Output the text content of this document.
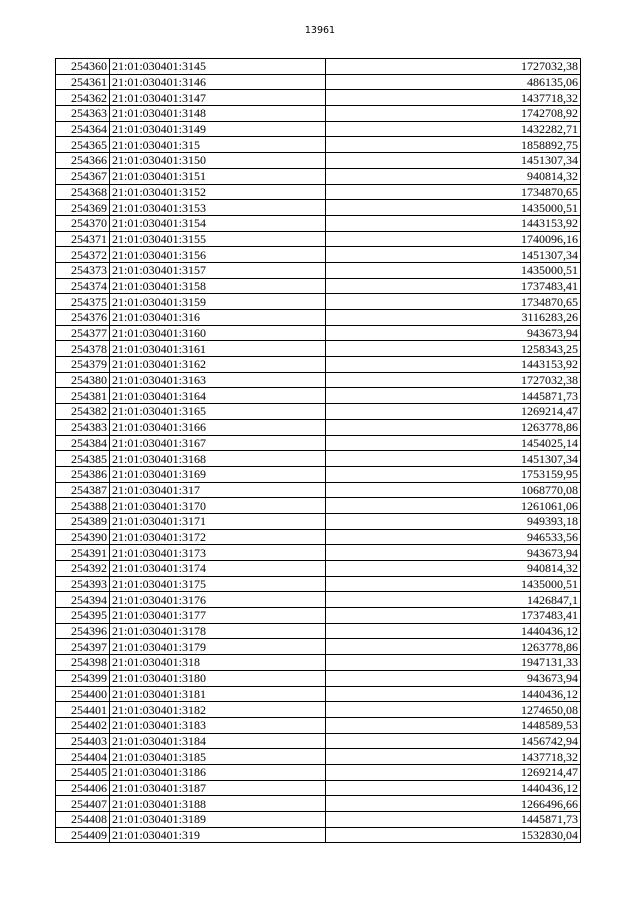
13961
254360	21:01:030401:3145	1727032,38
254361	21:01:030401:3146	486135,06
254362	21:01:030401:3147	1437718,32
254363	21:01:030401:3148	1742708,92
254364	21:01:030401:3149	1432282,71
254365	21:01:030401:315	1858892,75
254366	21:01:030401:3150	1451307,34
254367	21:01:030401:3151	940814,32
254368	21:01:030401:3152	1734870,65
254369	21:01:030401:3153	1435000,51
254370	21:01:030401:3154	1443153,92
254371	21:01:030401:3155	1740096,16
254372	21:01:030401:3156	1451307,34
254373	21:01:030401:3157	1435000,51
254374	21:01:030401:3158	1737483,41
254375	21:01:030401:3159	1734870,65
254376	21:01:030401:316	3116283,26
254377	21:01:030401:3160	943673,94
254378	21:01:030401:3161	1258343,25
254379	21:01:030401:3162	1443153,92
254380	21:01:030401:3163	1727032,38
254381	21:01:030401:3164	1445871,73
254382	21:01:030401:3165	1269214,47
254383	21:01:030401:3166	1263778,86
254384	21:01:030401:3167	1454025,14
254385	21:01:030401:3168	1451307,34
254386	21:01:030401:3169	1753159,95
254387	21:01:030401:317	1068770,08
254388	21:01:030401:3170	1261061,06
254389	21:01:030401:3171	949393,18
254390	21:01:030401:3172	946533,56
254391	21:01:030401:3173	943673,94
254392	21:01:030401:3174	940814,32
254393	21:01:030401:3175	1435000,51
254394	21:01:030401:3176	1426847,1
254395	21:01:030401:3177	1737483,41
254396	21:01:030401:3178	1440436,12
254397	21:01:030401:3179	1263778,86
254398	21:01:030401:318	1947131,33
254399	21:01:030401:3180	943673,94
254400	21:01:030401:3181	1440436,12
254401	21:01:030401:3182	1274650,08
254402	21:01:030401:3183	1448589,53
254403	21:01:030401:3184	1456742,94
254404	21:01:030401:3185	1437718,32
254405	21:01:030401:3186	1269214,47
254406	21:01:030401:3187	1440436,12
254407	21:01:030401:3188	1266496,66
254408	21:01:030401:3189	1445871,73
254409	21:01:030401:319	1532830,04
